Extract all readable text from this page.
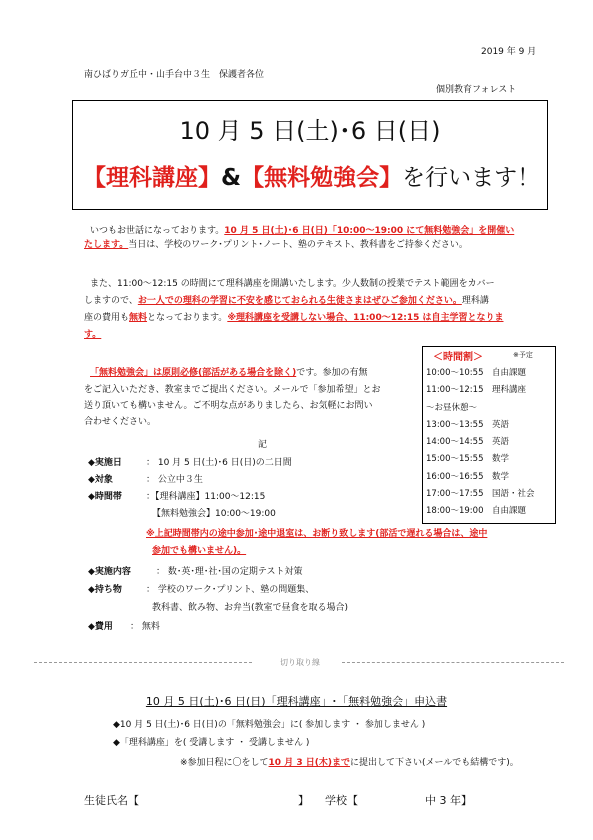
2019 年 9 月
南ひばりガ丘中・山手台中３生　保護者各位
個別教育フォレスト
10 月 5 日(土)･6 日(日)
【理科講座】&【無料勉強会】を行います！
いつもお世話になっております。10 月 5 日(土)･6 日(日)「10:00～19:00 にて無料勉強会」を開催い
たします。当日は、学校のワーク･プリント･ノート、塾のテキスト、教科書をご持参ください。
また、11:00～12:15 の時間にて理科講座を開講いたします。少人数制の授業でテスト範囲をカバー
しますので、お一人での理科の学習に不安を感じておられる生徒さまはぜひご参加ください。理科講
座の費用も無料となっております。※理科講座を受講しない場合、11:00～12:15 は自主学習となりま
す。
「無料勉強会」は原則必修(部活がある場合を除く)です。参加の有無
をご記入いただき、教室までご提出ください。メールで「参加希望」とお
送り頂いても構いません。ご不明な点がありましたら、お気軽にお問い
合わせください。
＜時間割＞	※予定
10:00～10:55　自由課題
11:00～12:15　理科講座
～お昼休憩～
13:00～13:55　英語
14:00～14:55　英語
15:00～15:55　数学
16:00～16:55　数学
17:00～17:55　国語・社会
18:00～19:00　自由課題
記
◆実施日	： 10 月 5 日(土)･6 日(日)の二日間
◆対象	： 公立中３生
◆時間帯	：【理科講座】11:00～12:15
【無料勉強会】10:00～19:00
※上記時間帯内の途中参加･途中退室は、お断り致します(部活で遅れる場合は、途中
参加でも構いません)。
◆実施内容	： 数･英･理･社･国の定期テスト対策
◆持ち物	： 学校のワーク･プリント、塾の問題集、
教科書、飲み物、お弁当(教室で昼食を取る場合)
◆費用 ： 無料
切り取り線
10 月 5 日(土)･6 日(日)「理科講座」･「無料勉強会」申込書
◆10 月 5 日(土)･6 日(日)の「無料勉強会」に( 参加します ・ 参加しません )
◆「理科講座」を( 受講します ・ 受講しません )
※参加日程に〇をして10 月 3 日(木)までに提出して下さい(メールでも結構です)。
生徒氏名【	】 学校【	中 3 年】
